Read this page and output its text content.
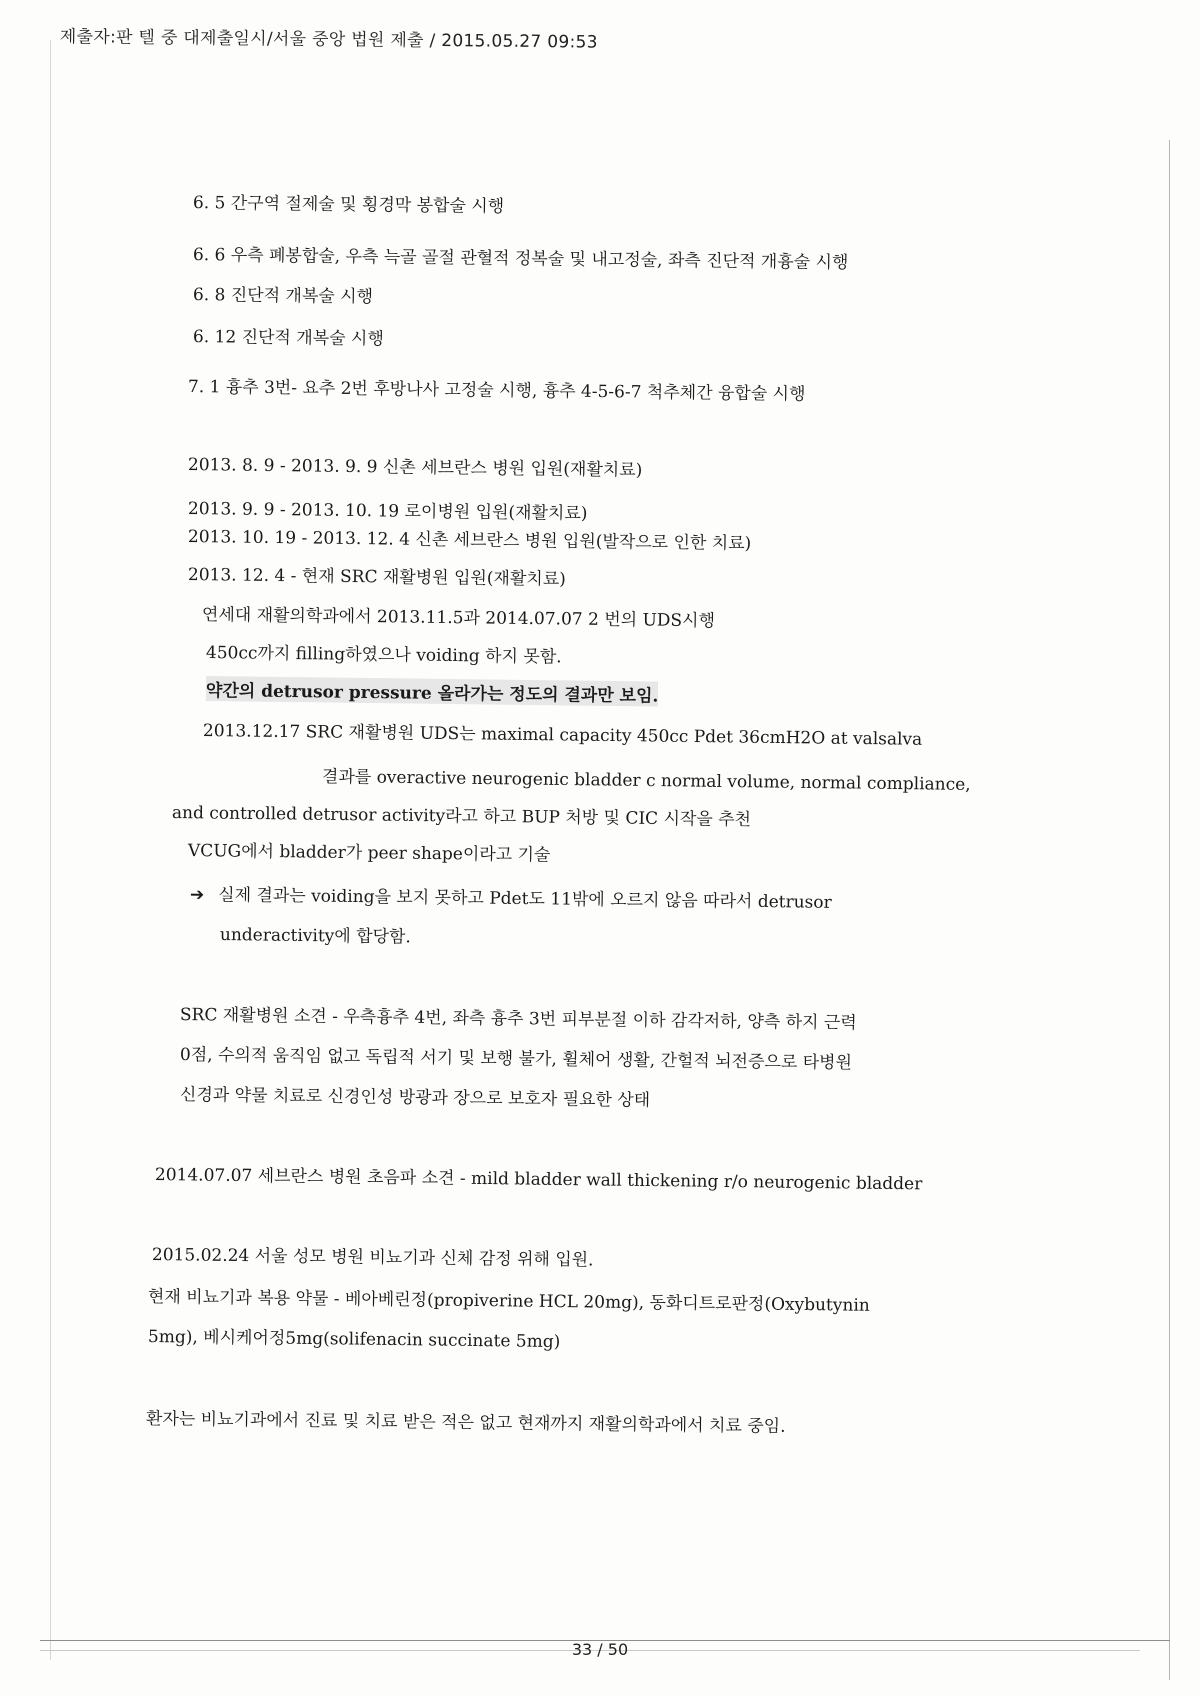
제출자:판 텔 중 대제출일시/서울 중앙 법원 제출 / 2015.05.27 09:53
6. 5 간구역 절제술 및 횡경막 봉합술 시행
6. 6 우측 폐봉합술, 우측 늑골 골절 관혈적 정복술 및 내고정술, 좌측 진단적 개흉술 시행
6. 8 진단적 개복술 시행
6. 12 진단적 개복술 시행
7. 1 흉추 3번- 요추 2번 후방나사 고정술 시행, 흉추 4-5-6-7 척추체간 융합술 시행
2013. 8. 9 - 2013. 9. 9 신촌 세브란스 병원 입원(재활치료)
2013. 9. 9 - 2013. 10. 19 로이병원 입원(재활치료)
2013. 10. 19 - 2013. 12. 4 신촌 세브란스 병원 입원(발작으로 인한 치료)
2013. 12. 4 - 현재 SRC 재활병원 입원(재활치료)
연세대 재활의학과에서 2013.11.5과 2014.07.07 2 번의 UDS시행
450cc까지 filling하였으나 voiding 하지 못함.
약간의 detrusor pressure 올라가는 정도의 결과만 보임.
2013.12.17 SRC 재활병원 UDS는 maximal capacity 450cc Pdet 36cmH2O at valsalva
결과를 overactive neurogenic bladder c normal volume, normal compliance,
and controlled detrusor activity라고 하고 BUP 처방 및 CIC 시작을 추천
VCUG에서 bladder가 peer shape이라고 기술
➔ 실제 결과는 voiding을 보지 못하고 Pdet도 11밖에 오르지 않음 따라서 detrusor
underactivity에 합당함.
SRC 재활병원 소견 - 우측흉추 4번, 좌측 흉추 3번 피부분절 이하 감각저하, 양측 하지 근력
0점, 수의적 움직임 없고 독립적 서기 및 보행 불가, 휠체어 생활, 간헐적 뇌전증으로 타병원
신경과 약물 치료로 신경인성 방광과 장으로 보호자 필요한 상태
2014.07.07 세브란스 병원 초음파 소견 - mild bladder wall thickening r/o neurogenic bladder
2015.02.24 서울 성모 병원 비뇨기과 신체 감정 위해 입원.
현재 비뇨기과 복용 약물 - 베아베린정(propiverine HCL 20mg), 동화디트로판정(Oxybutynin
5mg), 베시케어정5mg(solifenacin succinate 5mg)
환자는 비뇨기과에서 진료 및 치료 받은 적은 없고 현재까지 재활의학과에서 치료 중임.
33 / 50
